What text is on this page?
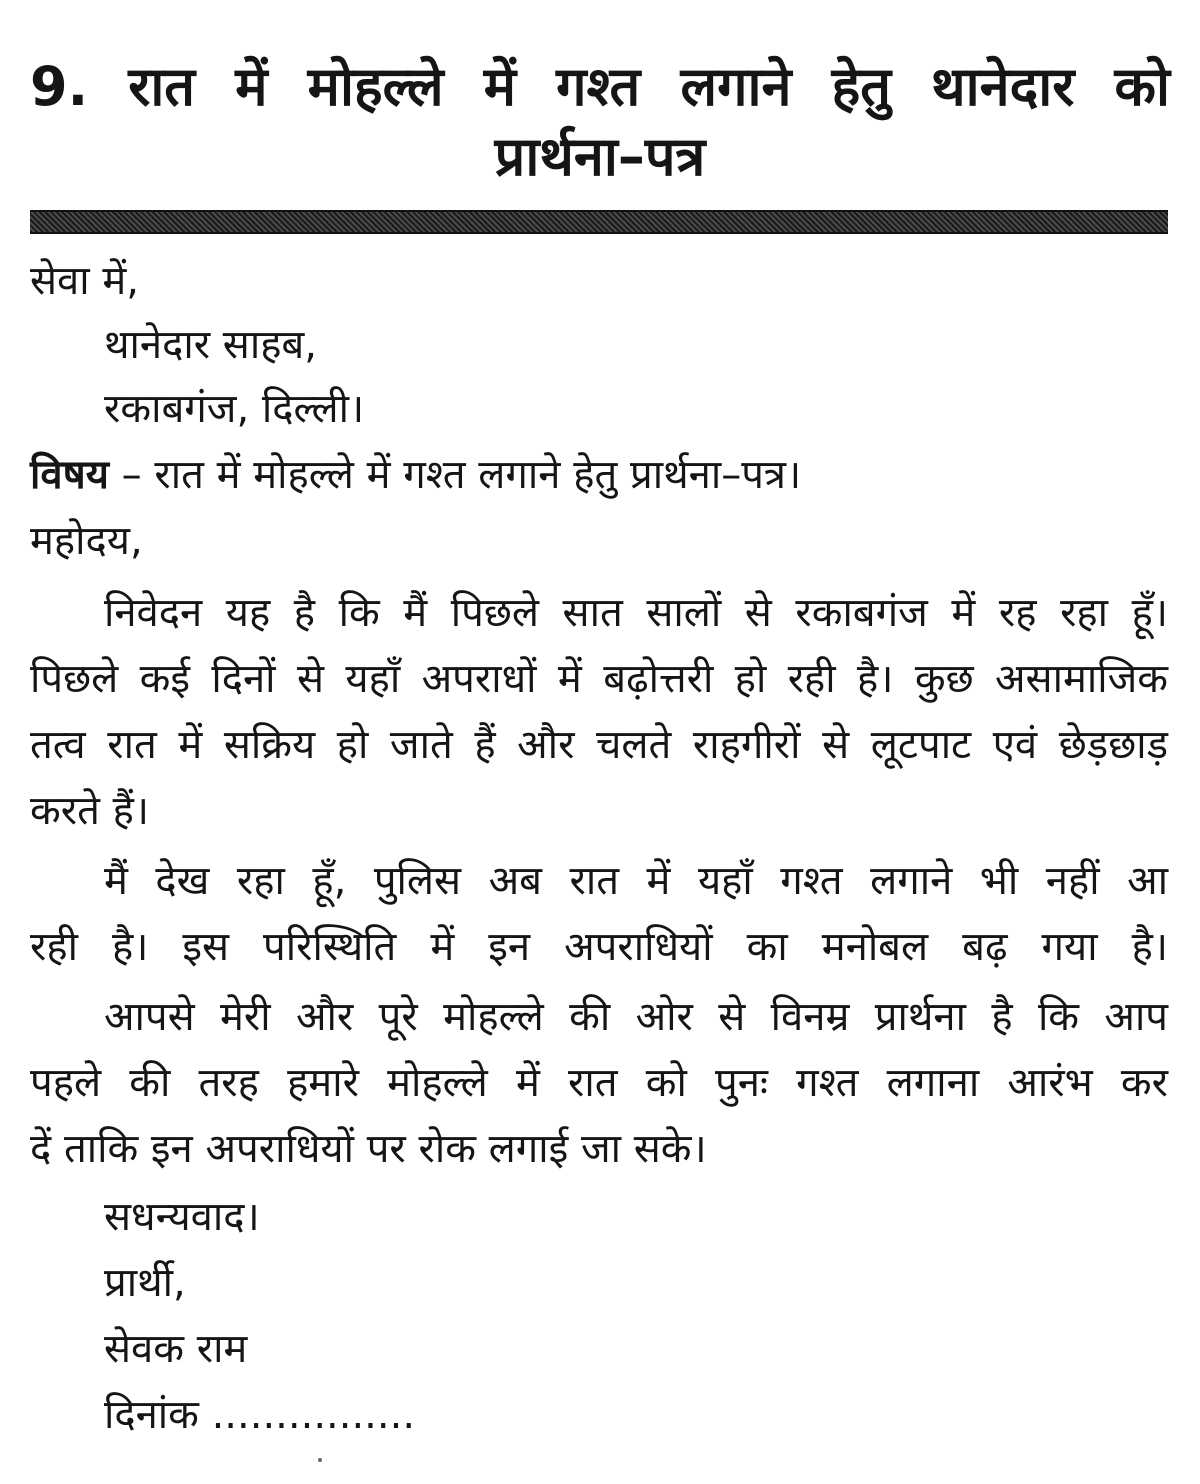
9. रात में मोहल्ले में गश्त लगाने हेतु थानेदार को
प्रार्थना–पत्र
सेवा में,
थानेदार साहब,
रकाबगंज, दिल्ली।
विषय – रात में मोहल्ले में गश्त लगाने हेतु प्रार्थना–पत्र।
महोदय,
निवेदन यह है कि मैं पिछले सात सालों से रकाबगंज में रह रहा हूँ।
पिछले कई दिनों से यहाँ अपराधों में बढ़ोत्तरी हो रही है। कुछ असामाजिक
तत्व रात में सक्रिय हो जाते हैं और चलते राहगीरों से लूटपाट एवं छेड़छाड़
करते हैं।
मैं देख रहा हूँ, पुलिस अब रात में यहाँ गश्त लगाने भी नहीं आ
रही है। इस परिस्थिति में इन अपराधियों का मनोबल बढ़ गया है।
आपसे मेरी और पूरे मोहल्ले की ओर से विनम्र प्रार्थना है कि आप
पहले की तरह हमारे मोहल्ले में रात को पुनः गश्त लगाना आरंभ कर
दें ताकि इन अपराधियों पर रोक लगाई जा सके।
सधन्यवाद।
प्रार्थी,
सेवक राम
दिनांक ................
